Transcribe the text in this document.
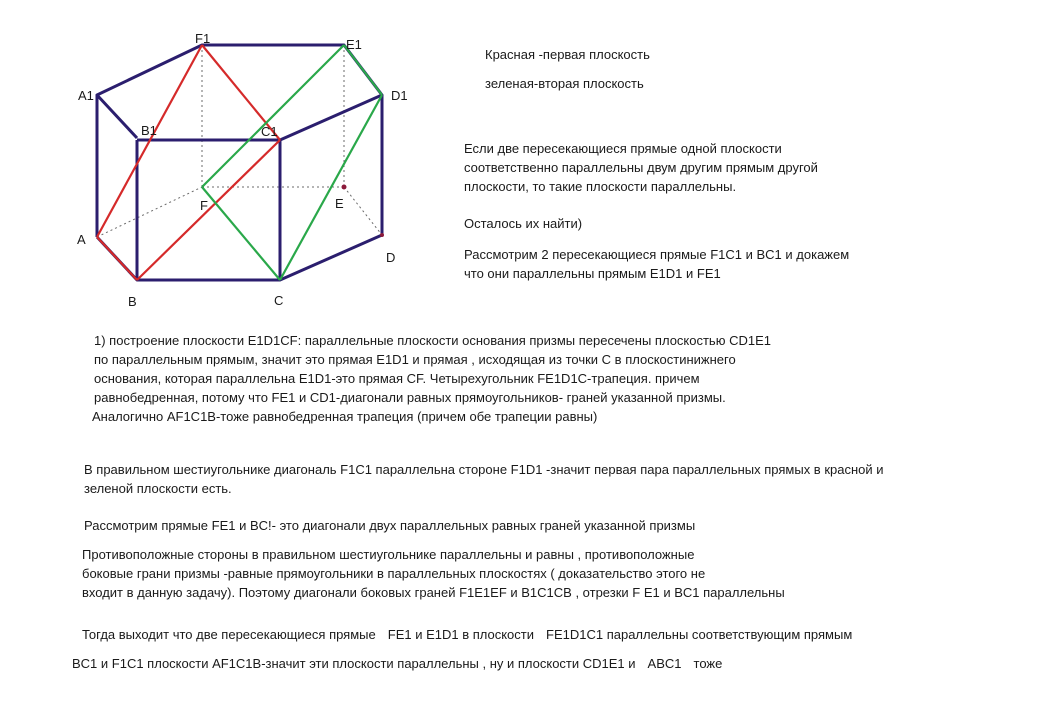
F1	E1
A1	D1
B1	C1
F	E
A
D
B	C

Красная -первая плоскость

зеленая-вторая плоскость

Если две пересекающиеся прямые одной плоскости

соответственно параллельны двум другим прямым другой

плоскости, то такие плоскости параллельны.

Осталось их найти)

Рассмотрим 2 пересекающиеся прямые F1C1 и BC1 и докажем

что они параллельны прямым E1D1 и FE1

1) построение плоскости E1D1CF: параллельные плоскости основания призмы пересечены плоскостью CD1E1

по параллельным прямым, значит это прямая E1D1 и прямая , исходящая из точки С в плоскостинижнего

основания, которая параллельна E1D1-это прямая CF. Четырехугольник FE1D1C-трапеция. причем

равнобедренная, потому что FE1 и CD1-диагонали равных прямоугольников- граней указанной призмы.

Аналогично AF1C1B-тоже равнобедренная трапеция (причем обе трапеции равны)

В правильном шестиугольнике диагональ F1C1 параллельна стороне F1D1 -значит первая пара параллельных прямых в красной и

зеленой плоскости есть.

Рассмотрим прямые FE1 и BC!- это диагонали двух параллельных равных граней указанной призмы

Противоположные стороны в правильном шестиугольнике параллельны и равны , противоположные

боковые грани призмы -равные прямоугольники в параллельных плоскостях ( доказательство этого не

входит в данную задачу). Поэтому диагонали боковых граней F1E1EF и B1C1CB , отрезки F E1 и BC1 параллельны

Тогда выходит что две пересекающиеся прямые FE1 и E1D1 в плоскости FE1D1C1 параллельны соответствующим прямым

BC1 и F1C1 плоскости AF1C1B-значит эти плоскости параллельны , ну и плоскости CD1E1 и ABC1 тоже
